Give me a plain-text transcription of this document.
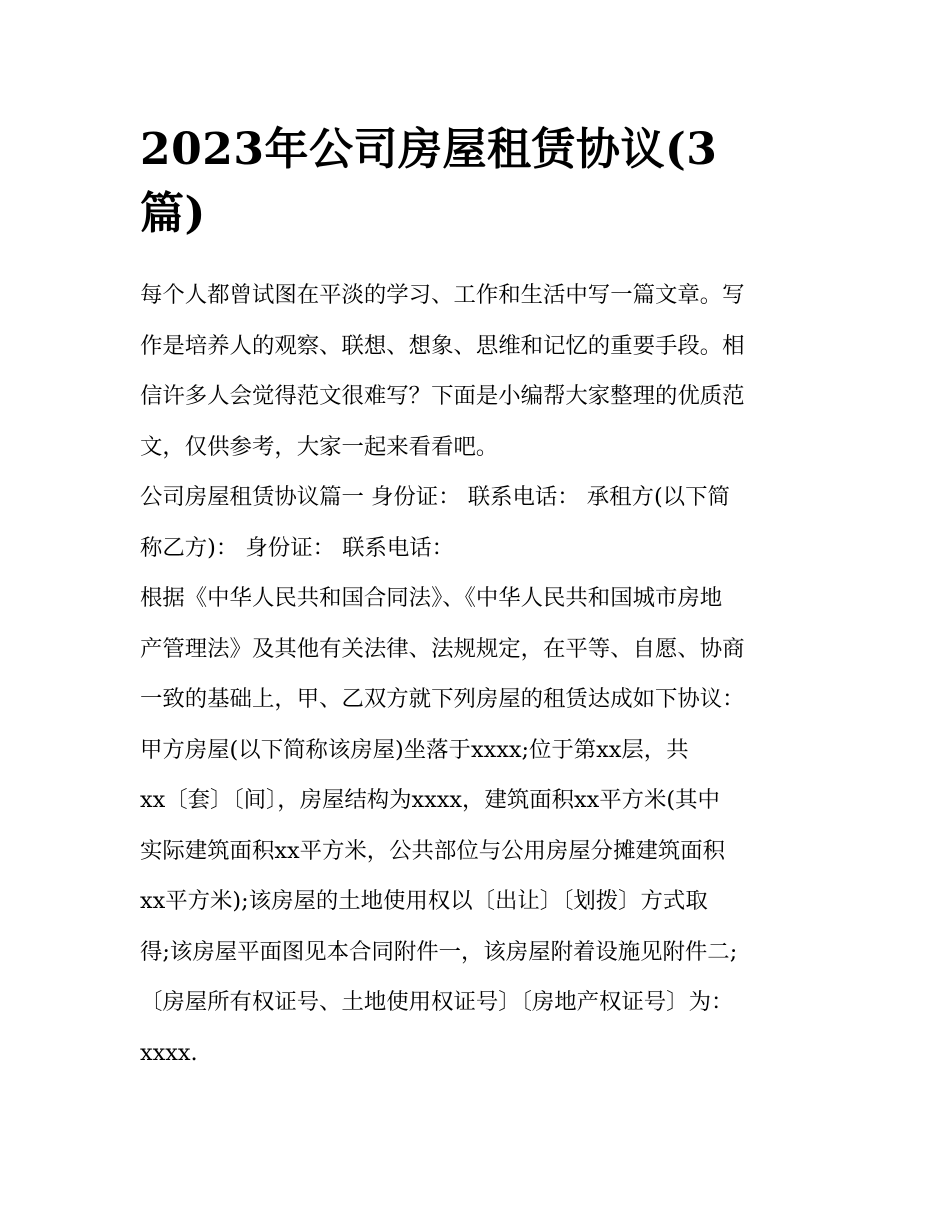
2023年公司房屋租赁协议(3
篇)

每个人都曾试图在平淡的学习、工作和生活中写一篇文章。写
作是培养人的观察、联想、想象、思维和记忆的重要手段。相
信许多人会觉得范文很难写？下面是小编帮大家整理的优质范
文，仅供参考，大家一起来看看吧。

公司房屋租赁协议篇一 身份证： 联系电话： 承租方(以下简
称乙方)： 身份证： 联系电话：

根据《中华人民共和国合同法》、《中华人民共和国城市房地
产管理法》及其他有关法律、法规规定，在平等、自愿、协商
一致的基础上，甲、乙双方就下列房屋的租赁达成如下协议：

甲方房屋(以下简称该房屋)坐落于xxxx;位于第xx层，共
xx〔套〕〔间〕，房屋结构为xxxx，建筑面积xx平方米(其中
实际建筑面积xx平方米，公共部位与公用房屋分摊建筑面积
xx平方米);该房屋的土地使用权以〔出让〕〔划拨〕方式取
得;该房屋平面图见本合同附件一，该房屋附着设施见附件二;
〔房屋所有权证号、土地使用权证号〕〔房地产权证号〕为：
xxxx.
